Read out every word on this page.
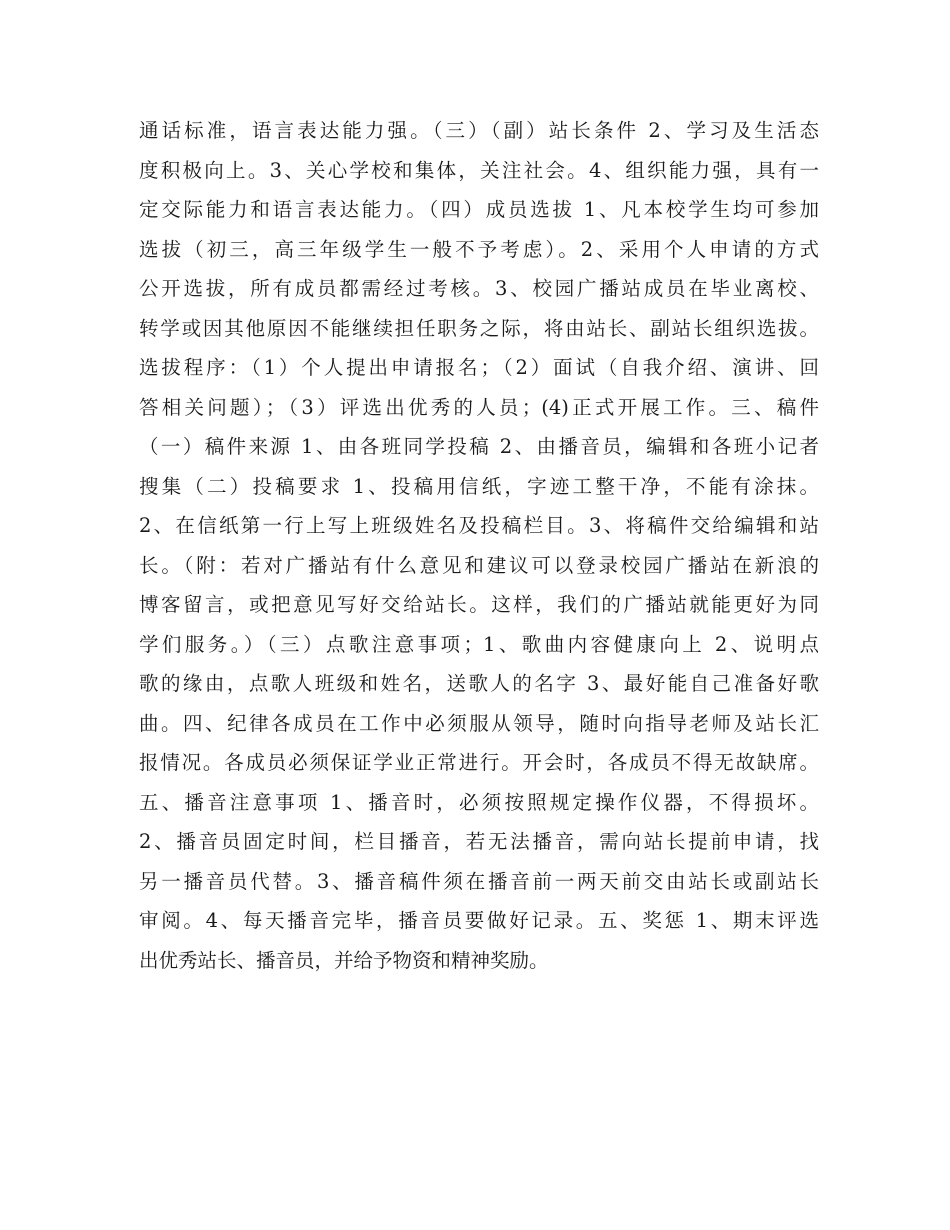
通话标准，语言表达能力强。（三）（副）站长条件 2、学习及生活态
度积极向上。3、关心学校和集体，关注社会。4、组织能力强，具有一
定交际能力和语言表达能力。（四）成员选拔 1、凡本校学生均可参加
选拔（初三，高三年级学生一般不予考虑）。2、采用个人申请的方式
公开选拔，所有成员都需经过考核。3、校园广播站成员在毕业离校、
转学或因其他原因不能继续担任职务之际，将由站长、副站长组织选拔。
选拔程序：（1）个人提出申请报名；（2）面试（自我介绍、演讲、回
答相关问题）；（3）评选出优秀的人员；(4)正式开展工作。三、稿件
（一）稿件来源 1、由各班同学投稿 2、由播音员，编辑和各班小记者
搜集（二）投稿要求 1、投稿用信纸，字迹工整干净，不能有涂抹。
2、在信纸第一行上写上班级姓名及投稿栏目。3、将稿件交给编辑和站
长。（附：若对广播站有什么意见和建议可以登录校园广播站在新浪的
博客留言，或把意见写好交给站长。这样，我们的广播站就能更好为同
学们服务。）（三）点歌注意事项；1、歌曲内容健康向上 2、说明点
歌的缘由，点歌人班级和姓名，送歌人的名字 3、最好能自己准备好歌
曲。四、纪律各成员在工作中必须服从领导，随时向指导老师及站长汇
报情况。各成员必须保证学业正常进行。开会时，各成员不得无故缺席。
五、播音注意事项 1、播音时，必须按照规定操作仪器，不得损坏。
2、播音员固定时间，栏目播音，若无法播音，需向站长提前申请，找
另一播音员代替。3、播音稿件须在播音前一两天前交由站长或副站长
审阅。4、每天播音完毕，播音员要做好记录。五、奖惩 1、期末评选
出优秀站长、播音员，并给予物资和精神奖励。
